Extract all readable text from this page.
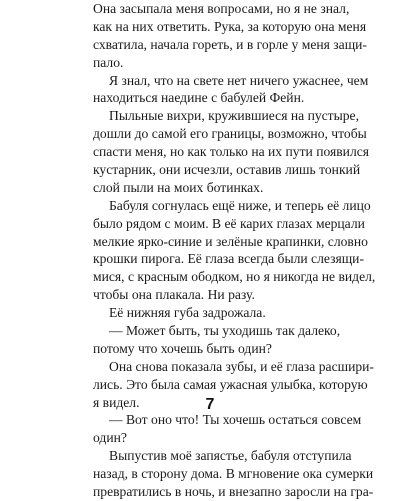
Она засыпала меня вопросами, но я не знал,
как на них ответить. Рука, за которую она меня
схватила, начала гореть, и в горле у меня защи-
пало.
Я знал, что на свете нет ничего ужаснее, чем
находиться наедине с бабулей Фейн.
Пыльные вихри, кружившиеся на пустыре,
дошли до самой его границы, возможно, чтобы
спасти меня, но как только на их пути появился
кустарник, они исчезли, оставив лишь тонкий
слой пыли на моих ботинках.
Бабуля согнулась ещё ниже, и теперь её лицо
было рядом с моим. В её карих глазах мерцали
мелкие ярко-синие и зелёные крапинки, словно
крошки пирога. Её глаза всегда были слезящи-
мися, с красным ободком, но я никогда не видел,
чтобы она плакала. Ни разу.
Её нижняя губа задрожала.
— Может быть, ты уходишь так далеко,
потому что хочешь быть один?
Она снова показала зубы, и её глаза расшири-
лись. Это была самая ужасная улыбка, которую
я видел.
— Вот оно что! Ты хочешь остаться совсем
один?
Выпустив моё запястье, бабуля отступила
назад, в сторону дома. В мгновение ока сумерки
превратились в ночь, и внезапно заросли на гра-
7
